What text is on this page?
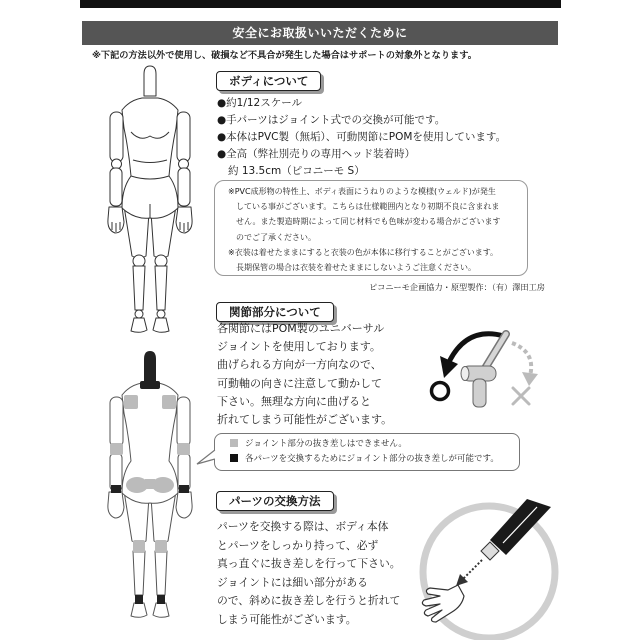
安全にお取扱いいただくために
※下記の方法以外で使用し、破損など不具合が発生した場合はサポートの対象外となります。
ボディについて
●約1/12スケール
●手パーツはジョイント式での交換が可能です。
●本体はPVC製（無垢）、可動関節にPOMを使用しています。
●全高（弊社別売りの専用ヘッド装着時）
約 13.5cm（ピコニーモ S）
※PVC成形物の特性上、ボディ表面にうねりのような模様(ウェルド)が発生
している事がございます。こちらは仕様範囲内となり初期不良に含まれま
せん。また製造時期によって同じ材料でも色味が変わる場合がございます
のでご了承ください。
※衣装は着せたままにすると衣装の色が本体に移行することがございます。
長期保管の場合は衣装を着せたままにしないようご注意ください。
ピコニーモ企画協力・原型製作：（有）澤田工房
関節部分について
各関節にはPOM製のユニバーサル
ジョイントを使用しております。
曲げられる方向が一方向なので、
可動軸の向きに注意して動かして
下さい。無理な方向に曲げると
折れてしまう可能性がございます。
ジョイント部分の抜き差しはできません。
各パーツを交換するためにジョイント部分の抜き差しが可能です。
パーツの交換方法
パーツを交換する際は、ボディ本体
とパーツをしっかり持って、必ず
真っ直ぐに抜き差しを行って下さい。
ジョイントには細い部分がある
ので、斜めに抜き差しを行うと折れて
しまう可能性がございます。
